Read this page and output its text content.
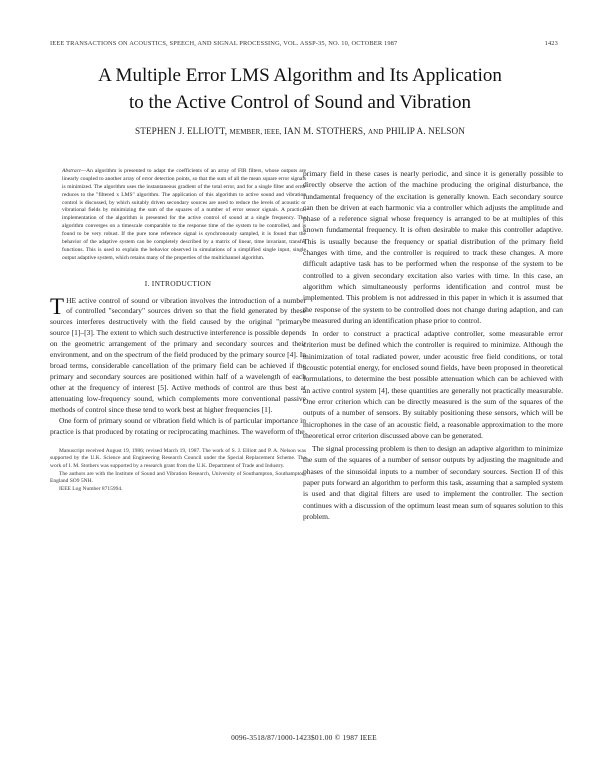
IEEE TRANSACTIONS ON ACOUSTICS, SPEECH, AND SIGNAL PROCESSING, VOL. ASSP-35, NO. 10, OCTOBER 1987	1423
A Multiple Error LMS Algorithm and Its Application
to the Active Control of Sound and Vibration
STEPHEN J. ELLIOTT, MEMBER, IEEE, IAN M. STOTHERS, AND PHILIP A. NELSON

Abstract—An algorithm is presented to adapt the coefficients of an array of FIR filters, whose outputs are linearly coupled to another array of error detection points, so that the sum of all the mean square error signals is minimized. The algorithm uses the instantaneous gradient of the total error, and for a single filter and error reduces to the "filtered x LMS" algorithm. The application of this algorithm to active sound and vibration control is discussed, by which suitably driven secondary sources are used to reduce the levels of acoustic or vibrational fields by minimizing the sum of the squares of a number of error sensor signals. A practical implementation of the algorithm is presented for the active control of sound at a single frequency. The algorithm converges on a timescale comparable to the response time of the system to be controlled, and is found to be very robust. If the pure tone reference signal is synchronously sampled, it is found that the behavior of the adaptive system can be completely described by a matrix of linear, time invariant, transfer functions. This is used to explain the behavior observed in simulations of a simplified single input, single output adaptive system, which retains many of the properties of the multichannel algorithm.

I. INTRODUCTION

THE active control of sound or vibration involves the introduction of a number of controlled "secondary" sources driven so that the field generated by these sources interferes destructively with the field caused by the original "primary" source [1]–[3]. The extent to which such destructive interference is possible depends on the geometric arrangement of the primary and secondary sources and their environment, and on the spectrum of the field produced by the primary source [4]. In broad terms, considerable cancellation of the primary field can be achieved if the primary and secondary sources are positioned within half of a wavelength of each other at the frequency of interest [5]. Active methods of control are thus best at attenuating low-frequency sound, which complements more conventional passive methods of control since these tend to work best at higher frequencies [1].

One form of primary sound or vibration field which is of particular importance in practice is that produced by rotating or reciprocating machines. The waveform of the

Manuscript received August 19, 1986; revised March 19, 1987. The work of S. J. Elliott and P. A. Nelson was supported by the U.K. Science and Engineering Research Council under the Special Replacement Scheme. The work of I. M. Stothers was supported by a research grant from the U.K. Department of Trade and Industry.

The authors are with the Institute of Sound and Vibration Research, University of Southampton, Southampton, England SO9 5NH.

IEEE Log Number 8715994.

primary field in these cases is nearly periodic, and since it is generally possible to directly observe the action of the machine producing the original disturbance, the fundamental frequency of the excitation is generally known. Each secondary source can then be driven at each harmonic via a controller which adjusts the amplitude and phase of a reference signal whose frequency is arranged to be at multiples of this known fundamental frequency. It is often desirable to make this controller adaptive. This is usually because the frequency or spatial distribution of the primary field changes with time, and the controller is required to track these changes. A more difficult adaptive task has to be performed when the response of the system to be controlled to a given secondary excitation also varies with time. In this case, an algorithm which simultaneously performs identification and control must be implemented. This problem is not addressed in this paper in which it is assumed that the response of the system to be controlled does not change during adaption, and can be measured during an identification phase prior to control.

In order to construct a practical adaptive controller, some measurable error criterion must be defined which the controller is required to minimize. Although the minimization of total radiated power, under acoustic free field conditions, or total acoustic potential energy, for enclosed sound fields, have been proposed in theoretical formulations, to determine the best possible attenuation which can be achieved with an active control system [4], these quantities are generally not practically measurable. One error criterion which can be directly measured is the sum of the squares of the outputs of a number of sensors. By suitably positioning these sensors, which will be microphones in the case of an acoustic field, a reasonable approximation to the more theoretical error criterion discussed above can be generated.

The signal processing problem is then to design an adaptive algorithm to minimize the sum of the squares of a number of sensor outputs by adjusting the magnitude and phases of the sinusoidal inputs to a number of secondary sources. Section II of this paper puts forward an algorithm to perform this task, assuming that a sampled system is used and that digital filters are used to implement the controller. The section continues with a discussion of the optimum least mean sum of squares solution to this problem.

0096-3518/87/1000-1423$01.00 © 1987 IEEE
